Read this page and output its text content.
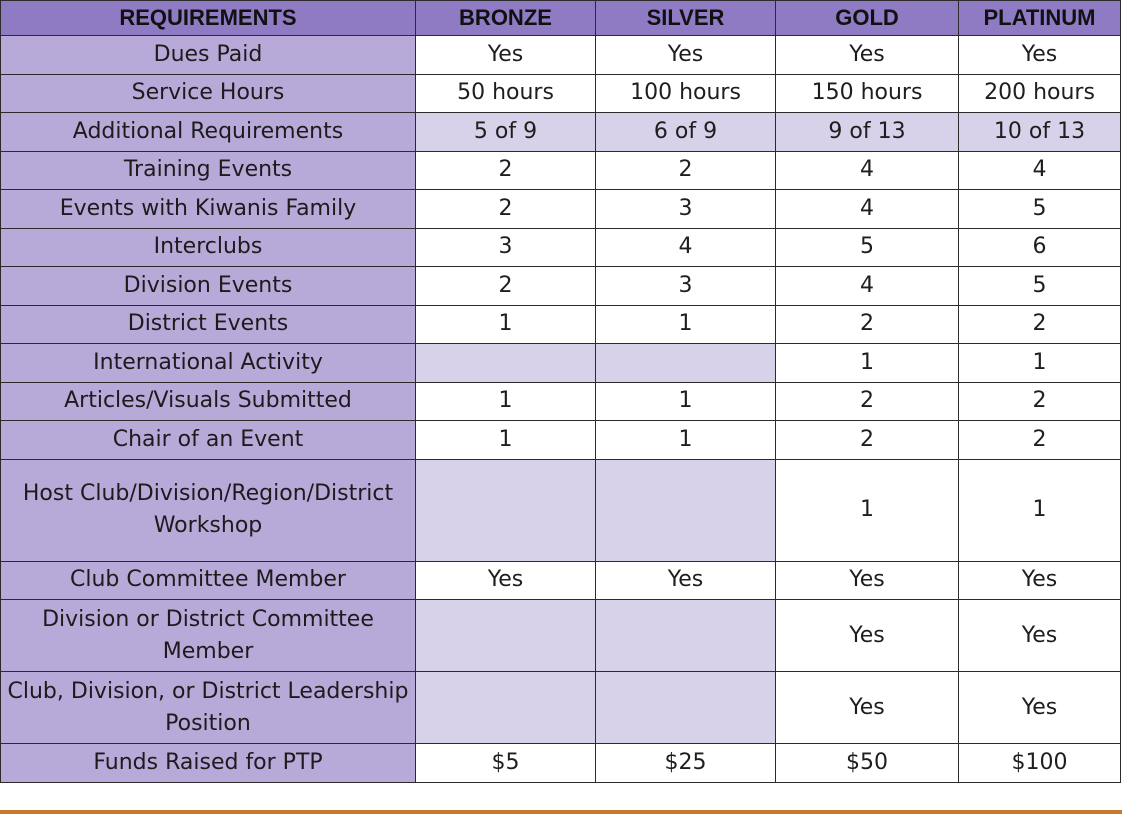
REQUIREMENTS	BRONZE	SILVER	GOLD	PLATINUM
Dues Paid	Yes	Yes	Yes	Yes
Service Hours	50 hours	100 hours	150 hours	200 hours
Additional Requirements	5 of 9	6 of 9	9 of 13	10 of 13
Training Events	2	2	4	4
Events with Kiwanis Family	2	3	4	5
Interclubs	3	4	5	6
Division Events	2	3	4	5
District Events	1	1	2	2
International Activity			1	1
Articles/Visuals Submitted	1	1	2	2
Chair of an Event	1	1	2	2
Host Club/Division/Region/District Workshop			1	1
Club Committee Member	Yes	Yes	Yes	Yes
Division or District Committee Member			Yes	Yes
Club, Division, or District Leadership Position			Yes	Yes
Funds Raised for PTP	$5	$25	$50	$100
